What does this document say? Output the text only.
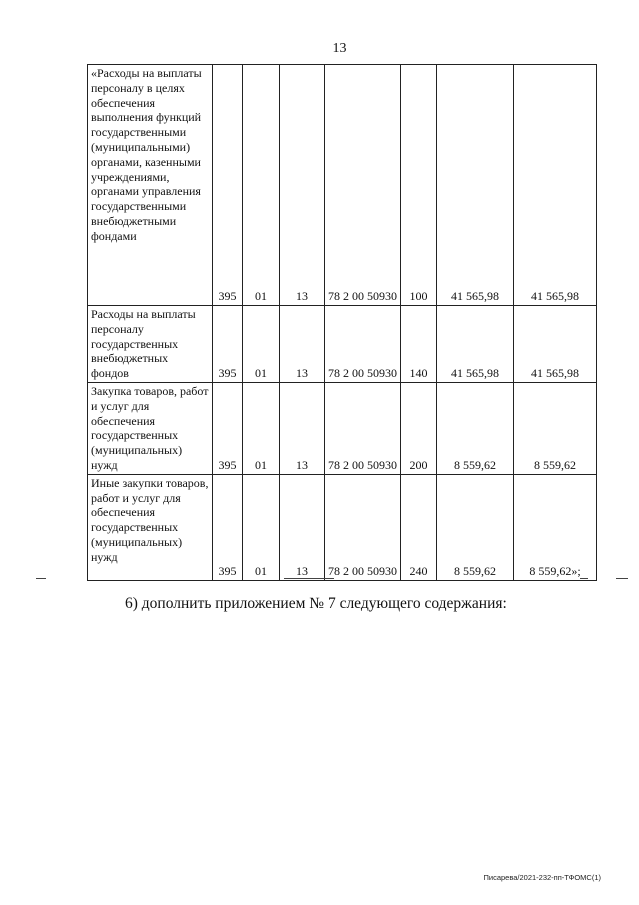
13
«Расходы на выплаты персоналу в целях обеспечения выполнения функций государственными (муниципальными) органами, казенными учреждениями, органами управления государственными внебюджетными фондами	395	01	13	78 2 00 50930	100	41 565,98	41 565,98
Расходы на выплаты персоналу государственных внебюджетных фондов	395	01	13	78 2 00 50930	140	41 565,98	41 565,98
Закупка товаров, работ и услуг для обеспечения государственных (муниципальных) нужд	395	01	13	78 2 00 50930	200	8 559,62	8 559,62
Иные закупки товаров, работ и услуг для обеспечения государственных (муниципальных) нужд	395	01	13	78 2 00 50930	240	8 559,62	8 559,62»;
6) дополнить приложением № 7 следующего содержания:
Писарева/2021-232-пп-ТФОМС(1)
